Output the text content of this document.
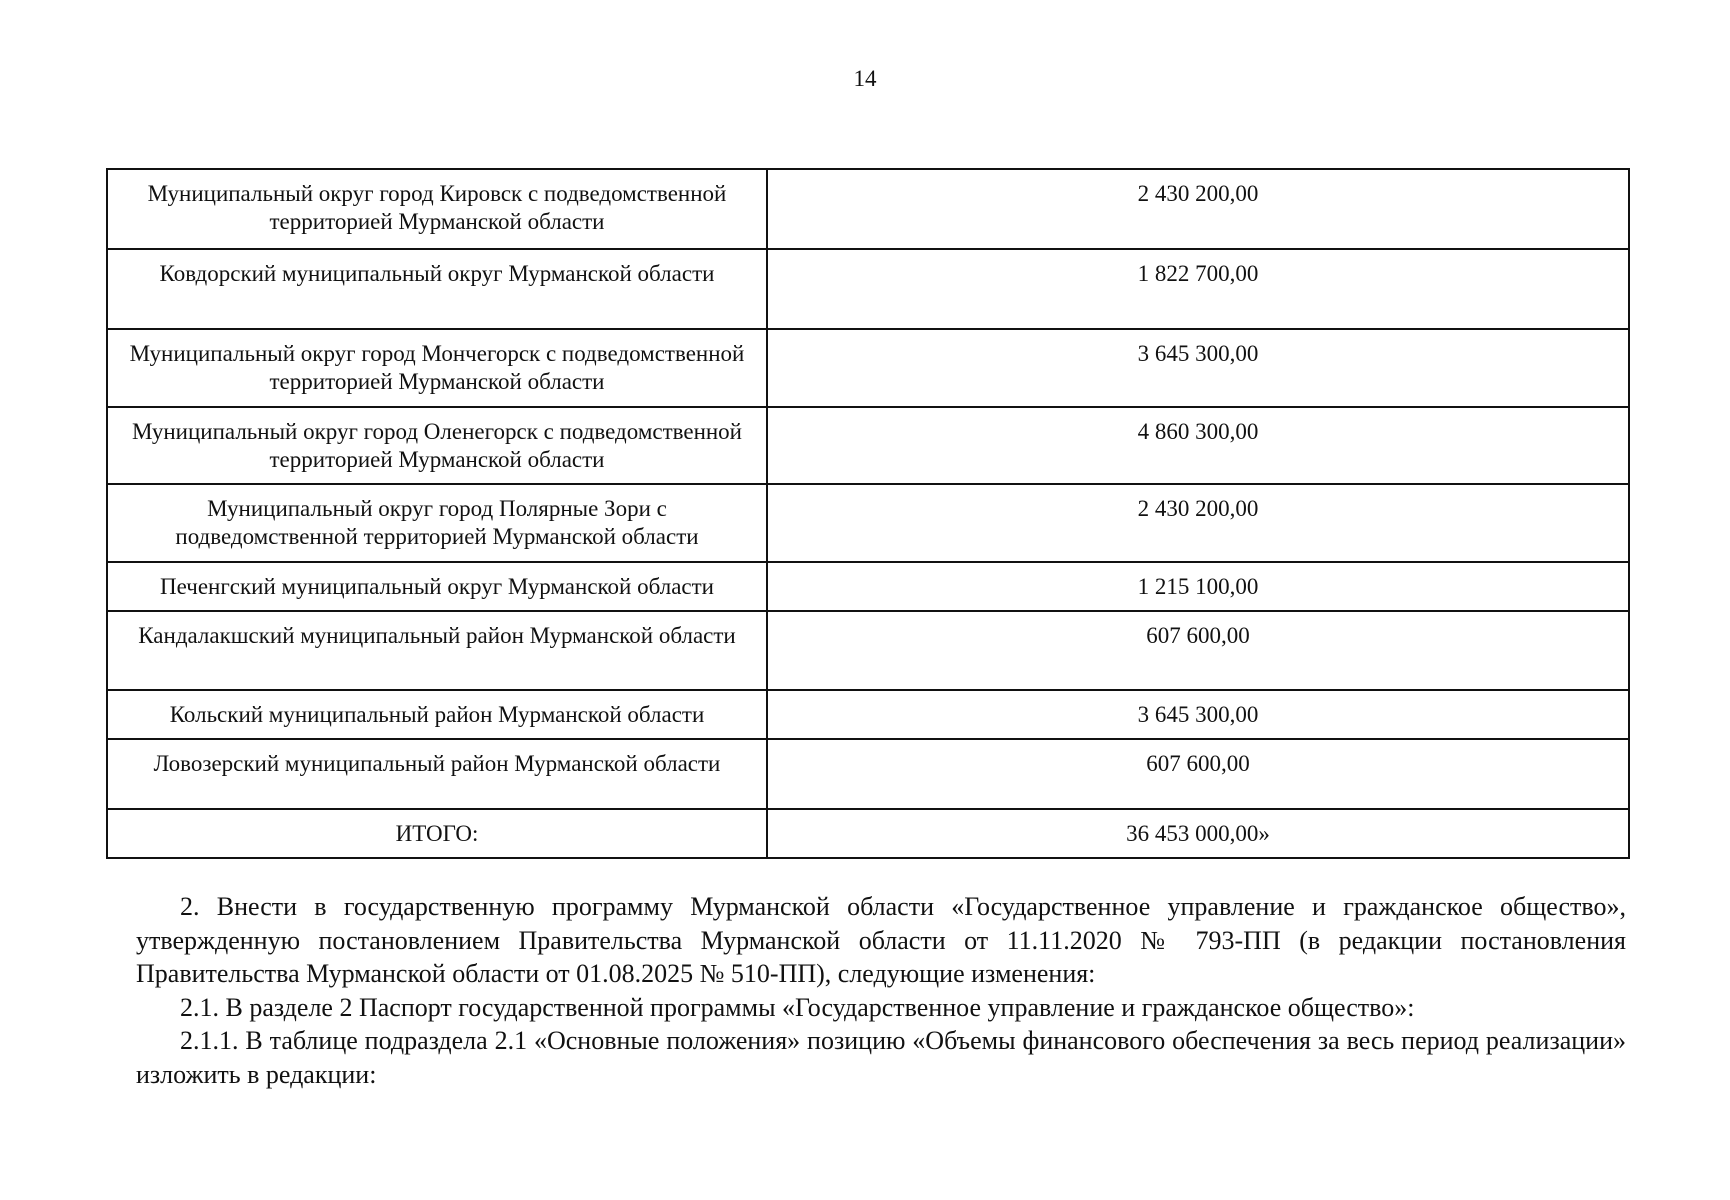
14
Муниципальный округ город Кировск с подведомственной территорией Мурманской области	2 430 200,00
Ковдорский муниципальный округ Мурманской области	1 822 700,00
Муниципальный округ город Мончегорск с подведомственной территорией Мурманской области	3 645 300,00
Муниципальный округ город Оленегорск с подведомственной территорией Мурманской области	4 860 300,00
Муниципальный округ город Полярные Зори с подведомственной территорией Мурманской области	2 430 200,00
Печенгский муниципальный округ Мурманской области	1 215 100,00
Кандалакшский муниципальный район Мурманской области	607 600,00
Кольский муниципальный район Мурманской области	3 645 300,00
Ловозерский муниципальный район Мурманской области	607 600,00
ИТОГО:	36 453 000,00»

2. Внести в государственную программу Мурманской области «Государственное управление и гражданское общество», утвержденную постановлением Правительства Мурманской области от 11.11.2020 № 793-ПП (в редакции постановления Правительства Мурманской области от 01.08.2025 № 510-ПП), следующие изменения:

2.1. В разделе 2 Паспорт государственной программы «Государственное управление и гражданское общество»:

2.1.1. В таблице подраздела 2.1 «Основные положения» позицию «Объемы финансового обеспечения за весь период реализации» изложить в редакции:
